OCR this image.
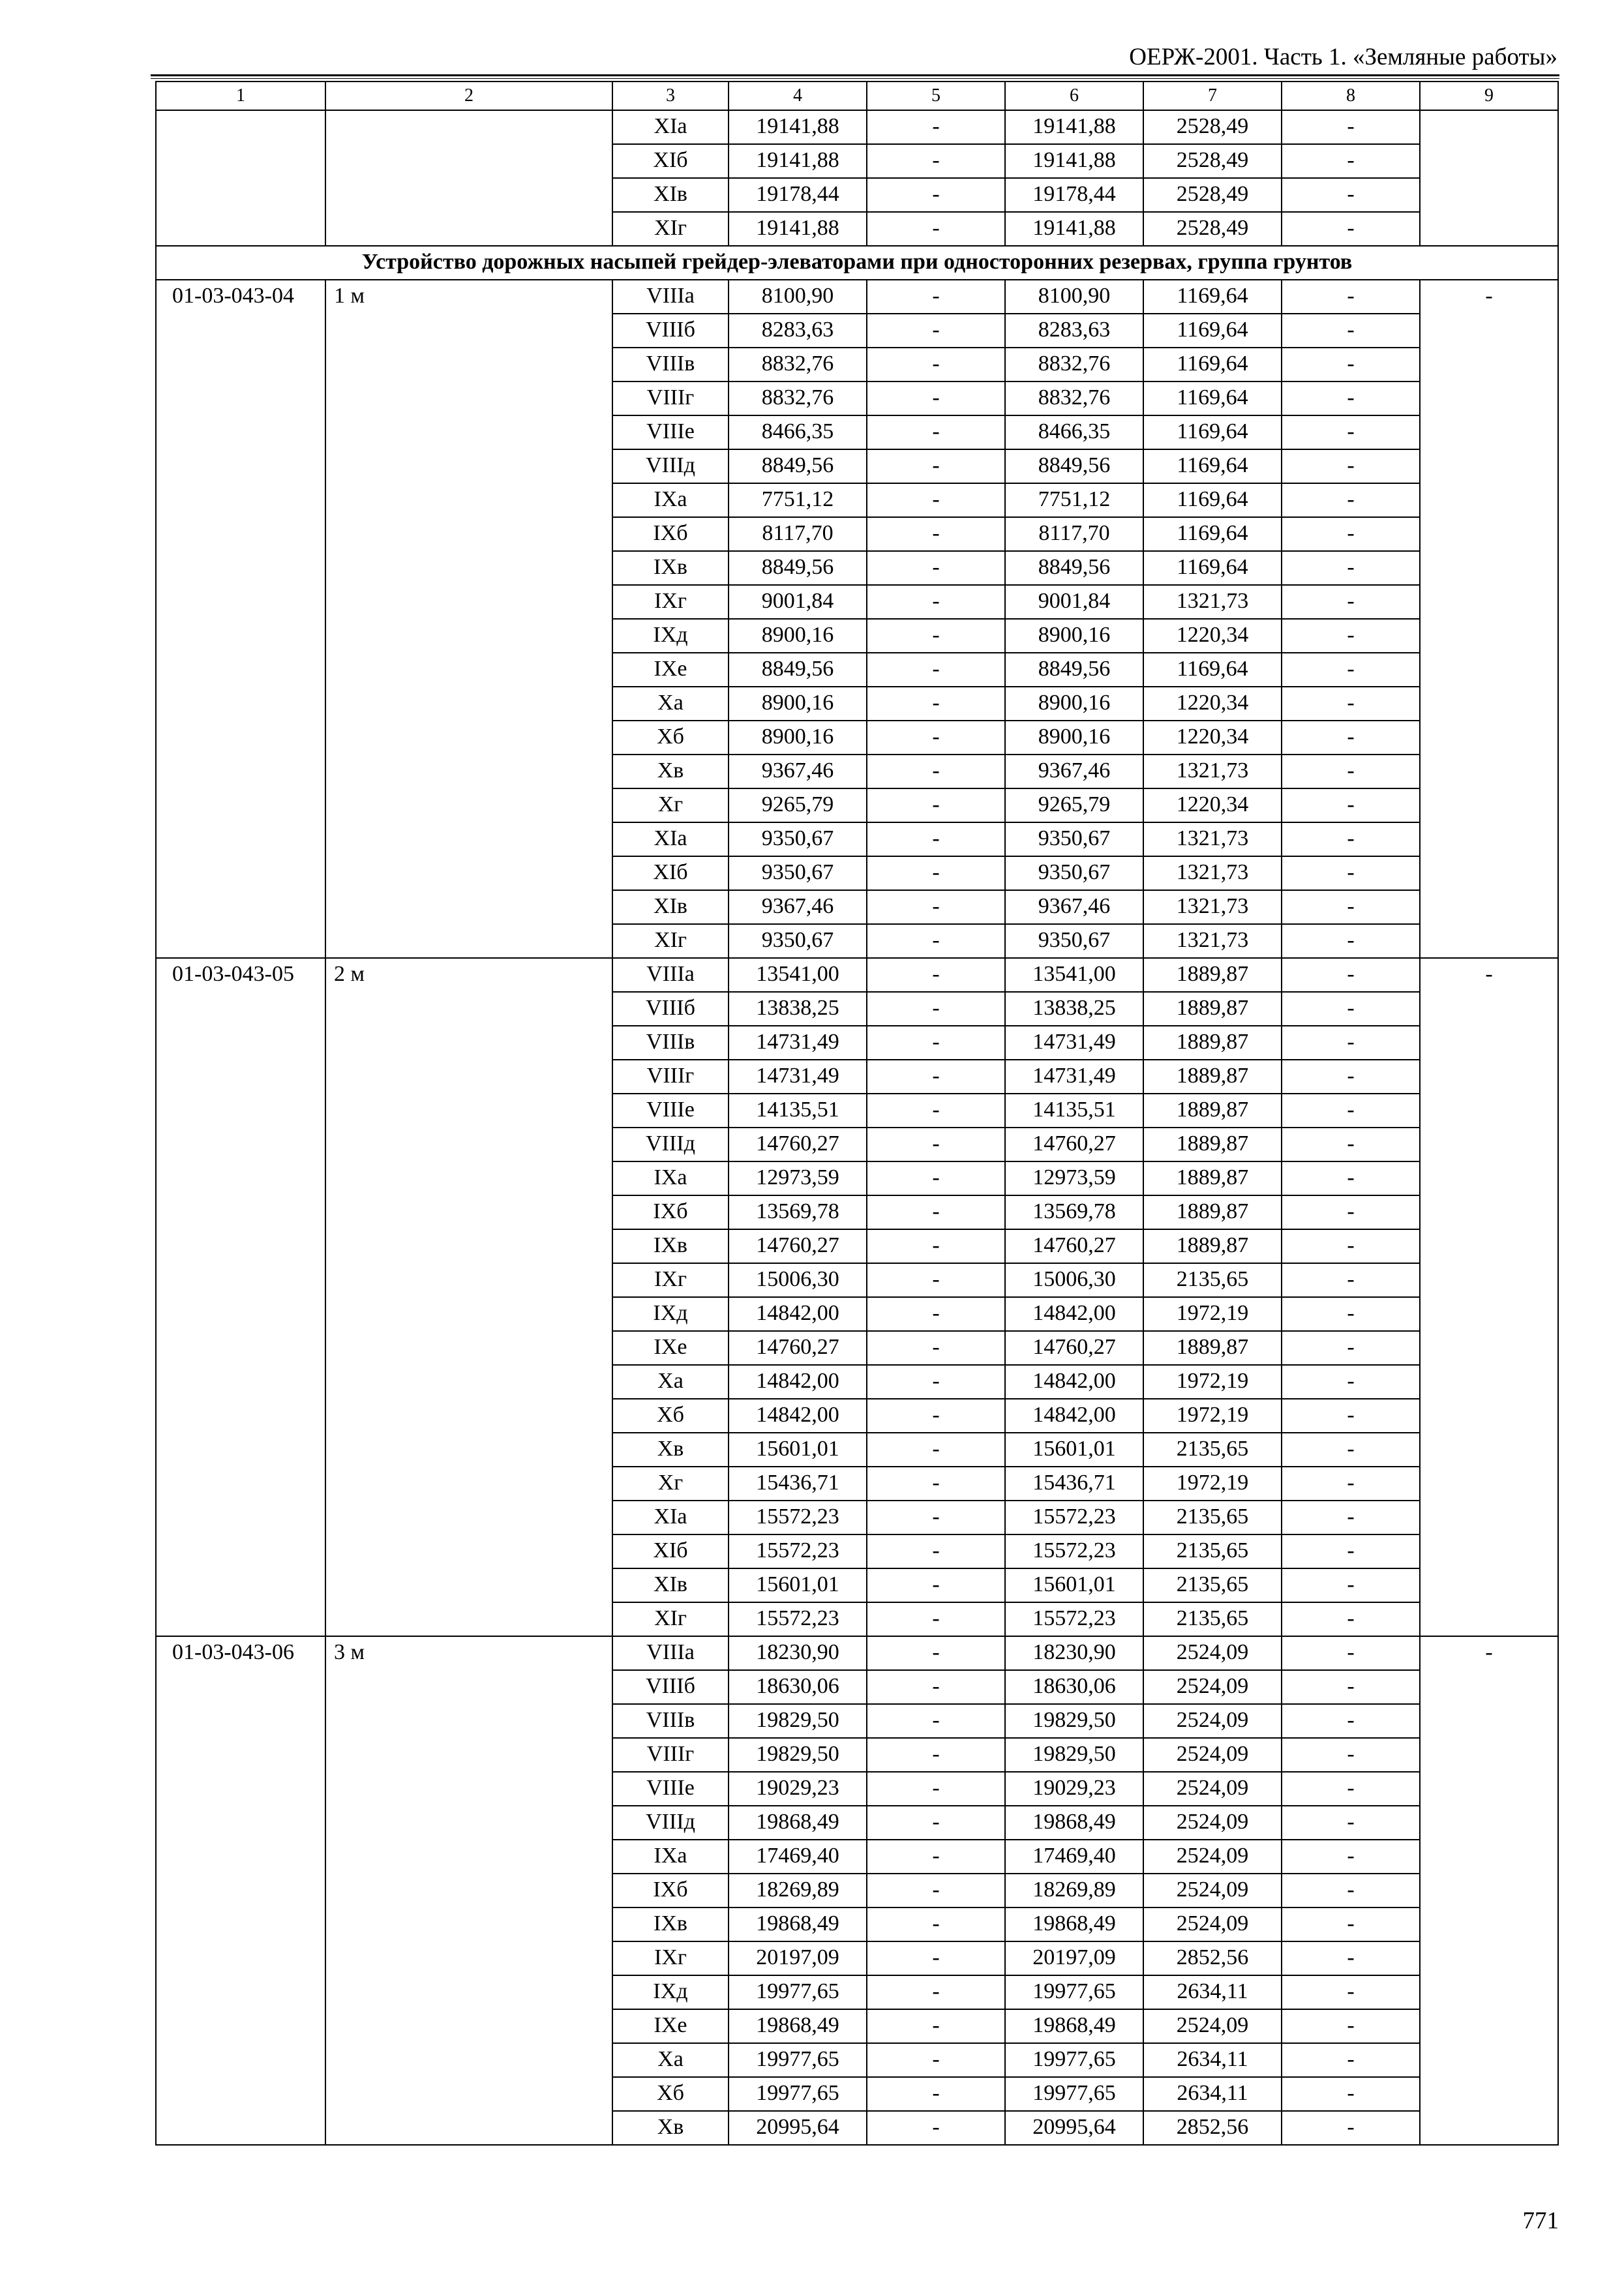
ОЕРЖ-2001. Часть 1. «Земляные работы»
1	2	3	4	5	6	7	8	9
		XIа	19141,88	-	19141,88	2528,49	-	
		XIб	19141,88	-	19141,88	2528,49	-	
		XIв	19178,44	-	19178,44	2528,49	-	
		XIг	19141,88	-	19141,88	2528,49	-	
Устройство дорожных насыпей грейдер-элеваторами при односторонних резервах, группа грунтов								
01-03-043-04	1 м	VIIIа	8100,90	-	8100,90	1169,64	-	-
		VIIIб	8283,63	-	8283,63	1169,64	-	
		VIIIв	8832,76	-	8832,76	1169,64	-	
		VIIIг	8832,76	-	8832,76	1169,64	-	
		VIIIе	8466,35	-	8466,35	1169,64	-	
		VIIIд	8849,56	-	8849,56	1169,64	-	
		IXа	7751,12	-	7751,12	1169,64	-	
		IXб	8117,70	-	8117,70	1169,64	-	
		IXв	8849,56	-	8849,56	1169,64	-	
		IXг	9001,84	-	9001,84	1321,73	-	
		IXд	8900,16	-	8900,16	1220,34	-	
		IXе	8849,56	-	8849,56	1169,64	-	
		Xа	8900,16	-	8900,16	1220,34	-	
		Xб	8900,16	-	8900,16	1220,34	-	
		Xв	9367,46	-	9367,46	1321,73	-	
		Xг	9265,79	-	9265,79	1220,34	-	
		XIа	9350,67	-	9350,67	1321,73	-	
		XIб	9350,67	-	9350,67	1321,73	-	
		XIв	9367,46	-	9367,46	1321,73	-	
		XIг	9350,67	-	9350,67	1321,73	-	
01-03-043-05	2 м	VIIIа	13541,00	-	13541,00	1889,87	-	-
		VIIIб	13838,25	-	13838,25	1889,87	-	
		VIIIв	14731,49	-	14731,49	1889,87	-	
		VIIIг	14731,49	-	14731,49	1889,87	-	
		VIIIе	14135,51	-	14135,51	1889,87	-	
		VIIIд	14760,27	-	14760,27	1889,87	-	
		IXа	12973,59	-	12973,59	1889,87	-	
		IXб	13569,78	-	13569,78	1889,87	-	
		IXв	14760,27	-	14760,27	1889,87	-	
		IXг	15006,30	-	15006,30	2135,65	-	
		IXд	14842,00	-	14842,00	1972,19	-	
		IXе	14760,27	-	14760,27	1889,87	-	
		Xа	14842,00	-	14842,00	1972,19	-	
		Xб	14842,00	-	14842,00	1972,19	-	
		Xв	15601,01	-	15601,01	2135,65	-	
		Xг	15436,71	-	15436,71	1972,19	-	
		XIа	15572,23	-	15572,23	2135,65	-	
		XIб	15572,23	-	15572,23	2135,65	-	
		XIв	15601,01	-	15601,01	2135,65	-	
		XIг	15572,23	-	15572,23	2135,65	-	
01-03-043-06	3 м	VIIIа	18230,90	-	18230,90	2524,09	-	-
		VIIIб	18630,06	-	18630,06	2524,09	-	
		VIIIв	19829,50	-	19829,50	2524,09	-	
		VIIIг	19829,50	-	19829,50	2524,09	-	
		VIIIе	19029,23	-	19029,23	2524,09	-	
		VIIIд	19868,49	-	19868,49	2524,09	-	
		IXа	17469,40	-	17469,40	2524,09	-	
		IXб	18269,89	-	18269,89	2524,09	-	
		IXв	19868,49	-	19868,49	2524,09	-	
		IXг	20197,09	-	20197,09	2852,56	-	
		IXд	19977,65	-	19977,65	2634,11	-	
		IXе	19868,49	-	19868,49	2524,09	-	
		Xа	19977,65	-	19977,65	2634,11	-	
		Xб	19977,65	-	19977,65	2634,11	-	
		Xв	20995,64	-	20995,64	2852,56	-	
771
